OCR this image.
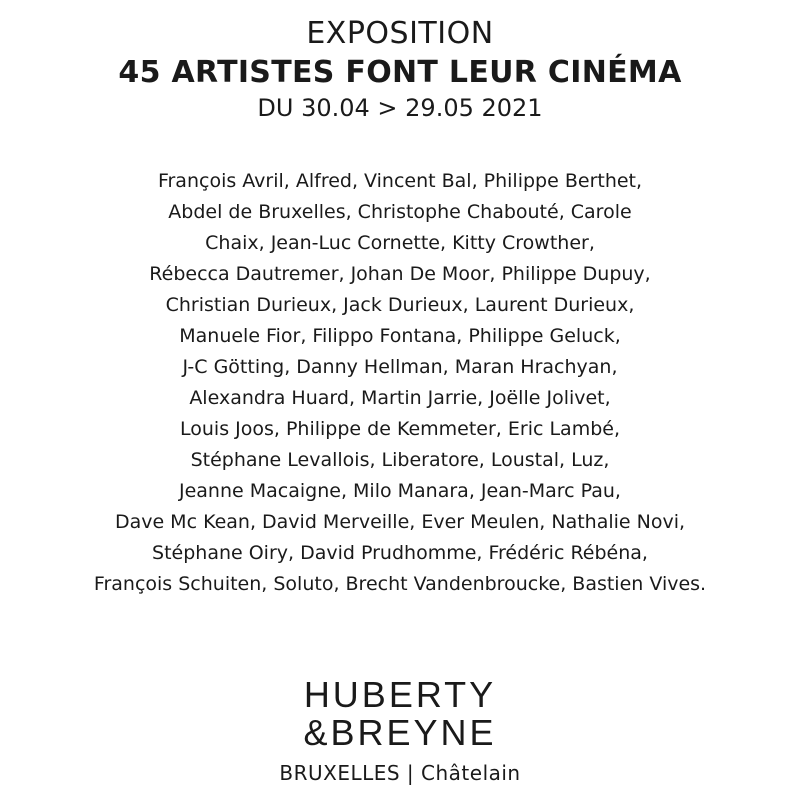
EXPOSITION
45 ARTISTES FONT LEUR CINÉMA
DU 30.04 > 29.05 2021
François Avril, Alfred, Vincent Bal, Philippe Berthet,
Abdel de Bruxelles, Christophe Chabouté, Carole
Chaix, Jean-Luc Cornette, Kitty Crowther,
Rébecca Dautremer, Johan De Moor, Philippe Dupuy,
Christian Durieux, Jack Durieux, Laurent Durieux,
Manuele Fior, Filippo Fontana, Philippe Geluck,
J-C Götting, Danny Hellman, Maran Hrachyan,
Alexandra Huard, Martin Jarrie, Joëlle Jolivet,
Louis Joos, Philippe de Kemmeter, Eric Lambé,
Stéphane Levallois, Liberatore, Loustal, Luz,
Jeanne Macaigne, Milo Manara, Jean-Marc Pau,
Dave Mc Kean, David Merveille, Ever Meulen, Nathalie Novi,
Stéphane Oiry, David Prudhomme, Frédéric Rébéna,
François Schuiten, Soluto, Brecht Vandenbroucke, Bastien Vives.
HUBERTY
&BREYNE
BRUXELLES | Châtelain
